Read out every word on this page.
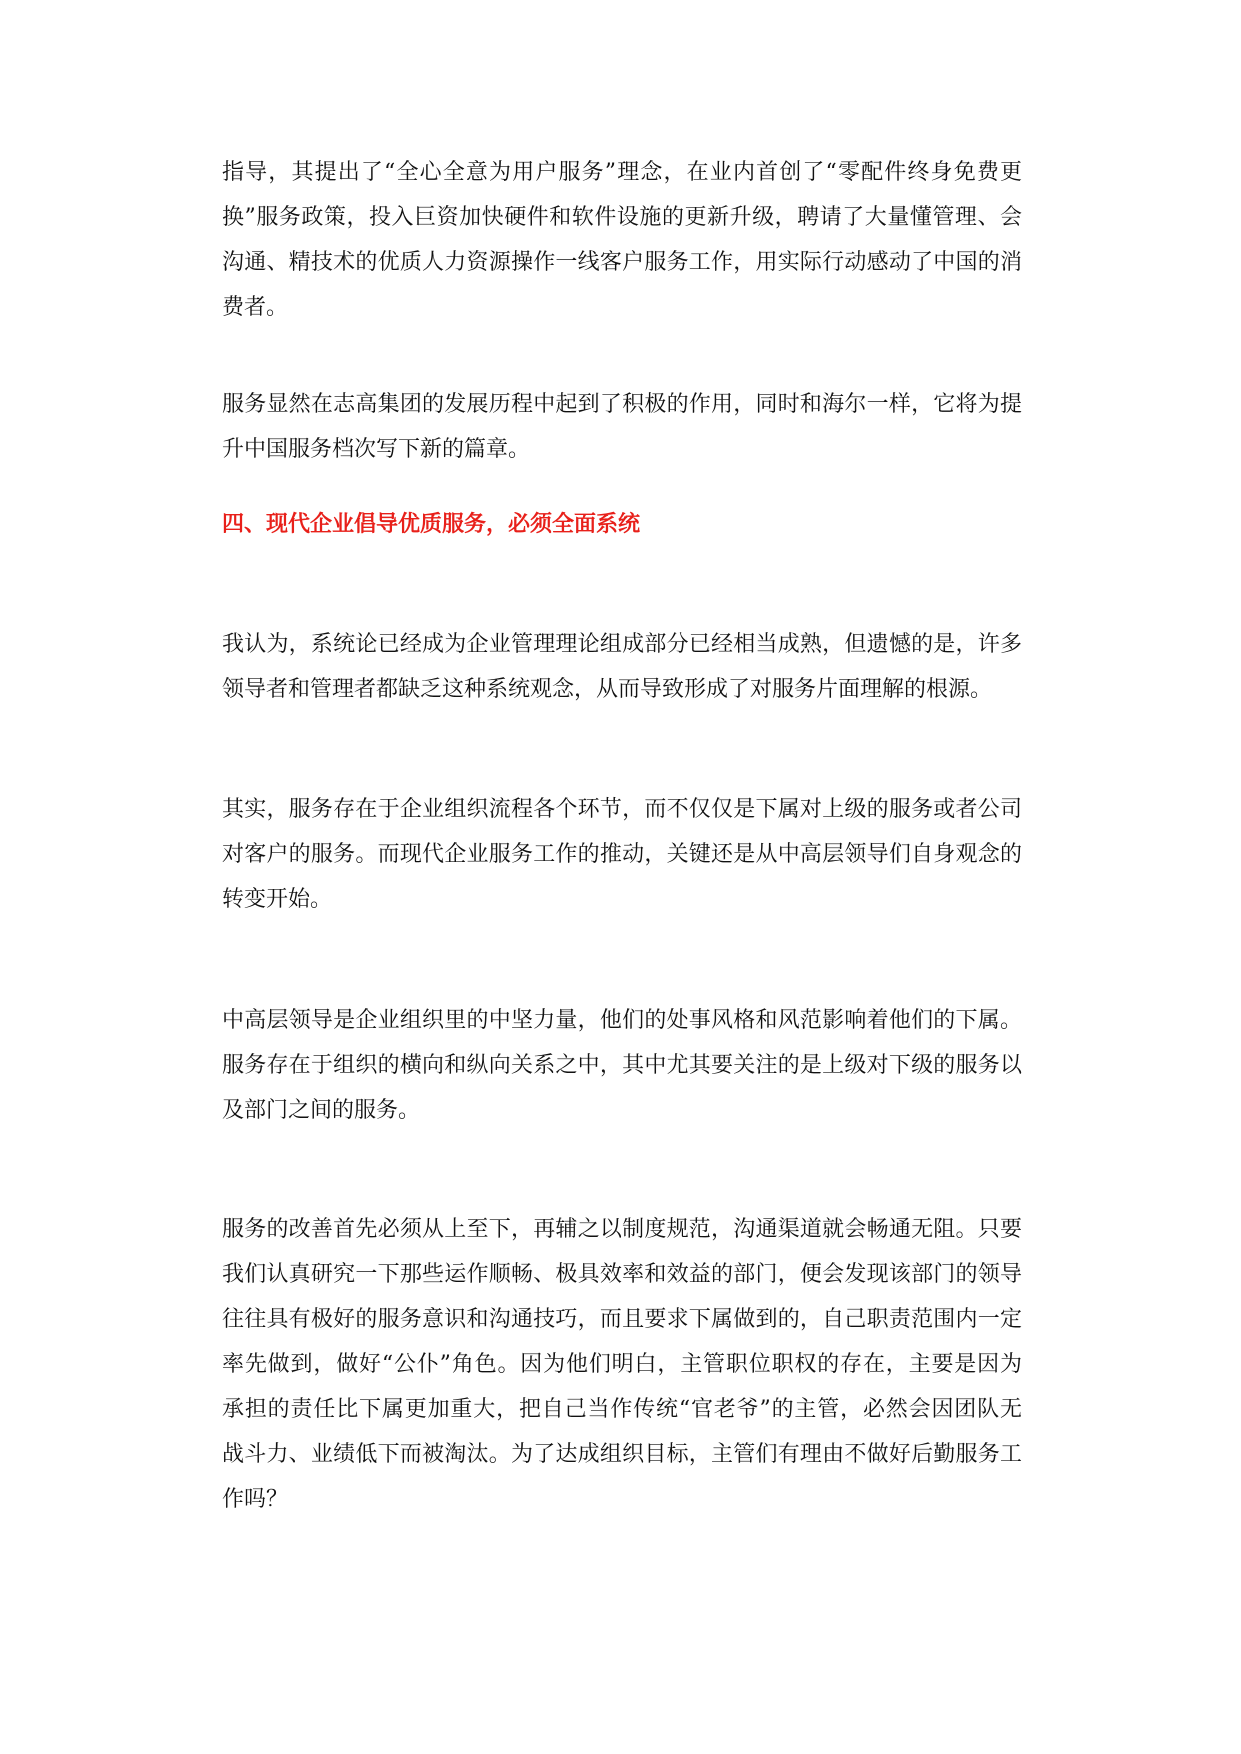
指导，其提出了“全心全意为用户服务”理念，在业内首创了“零配件终身免费更
换”服务政策，投入巨资加快硬件和软件设施的更新升级，聘请了大量懂管理、会
沟通、精技术的优质人力资源操作一线客户服务工作，用实际行动感动了中国的消
费者。
服务显然在志高集团的发展历程中起到了积极的作用，同时和海尔一样，它将为提
升中国服务档次写下新的篇章。
四、现代企业倡导优质服务，必须全面系统
我认为，系统论已经成为企业管理理论组成部分已经相当成熟，但遗憾的是，许多
领导者和管理者都缺乏这种系统观念，从而导致形成了对服务片面理解的根源。
其实，服务存在于企业组织流程各个环节，而不仅仅是下属对上级的服务或者公司
对客户的服务。而现代企业服务工作的推动，关键还是从中高层领导们自身观念的
转变开始。
中高层领导是企业组织里的中坚力量，他们的处事风格和风范影响着他们的下属。
服务存在于组织的横向和纵向关系之中，其中尤其要关注的是上级对下级的服务以
及部门之间的服务。
服务的改善首先必须从上至下，再辅之以制度规范，沟通渠道就会畅通无阻。只要
我们认真研究一下那些运作顺畅、极具效率和效益的部门，便会发现该部门的领导
往往具有极好的服务意识和沟通技巧，而且要求下属做到的，自己职责范围内一定
率先做到，做好“公仆”角色。因为他们明白，主管职位职权的存在，主要是因为
承担的责任比下属更加重大，把自己当作传统“官老爷”的主管，必然会因团队无
战斗力、业绩低下而被淘汰。为了达成组织目标，主管们有理由不做好后勤服务工
作吗？
